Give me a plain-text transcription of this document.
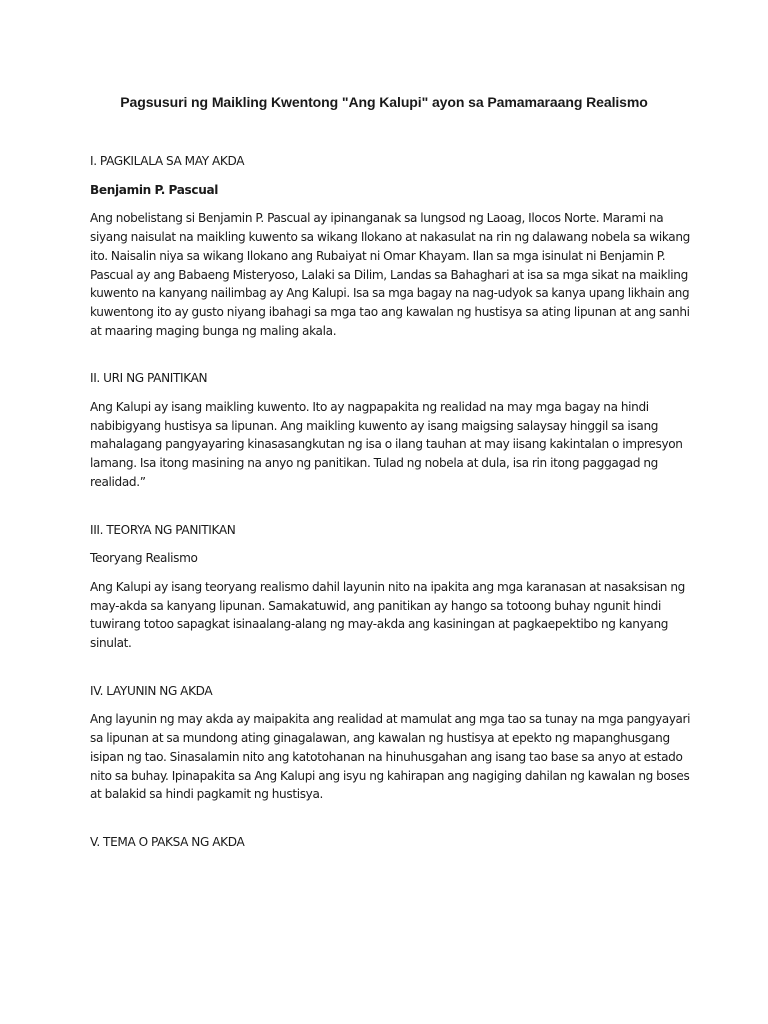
Pagsusuri ng Maikling Kwentong "Ang Kalupi" ayon sa Pamamaraang Realismo

I. PAGKILALA SA MAY AKDA

Benjamin P. Pascual

Ang nobelistang si Benjamin P. Pascual ay ipinanganak sa lungsod ng Laoag, Ilocos Norte. Marami na
siyang naisulat na maikling kuwento sa wikang Ilokano at nakasulat na rin ng dalawang nobela sa wikang
ito. Naisalin niya sa wikang Ilokano ang Rubaiyat ni Omar Khayam. Ilan sa mga isinulat ni Benjamin P.
Pascual ay ang Babaeng Misteryoso, Lalaki sa Dilim, Landas sa Bahaghari at isa sa mga sikat na maikling
kuwento na kanyang nailimbag ay Ang Kalupi. Isa sa mga bagay na nag-udyok sa kanya upang likhain ang
kuwentong ito ay gusto niyang ibahagi sa mga tao ang kawalan ng hustisya sa ating lipunan at ang sanhi
at maaring maging bunga ng maling akala.

II. URI NG PANITIKAN

Ang Kalupi ay isang maikling kuwento. Ito ay nagpapakita ng realidad na may mga bagay na hindi
nabibigyang hustisya sa lipunan. Ang maikling kuwento ay isang maigsing salaysay hinggil sa isang
mahalagang pangyayaring kinasasangkutan ng isa o ilang tauhan at may iisang kakintalan o impresyon
lamang. Isa itong masining na anyo ng panitikan. Tulad ng nobela at dula, isa rin itong paggagad ng
realidad.”

III. TEORYA NG PANITIKAN

Teoryang Realismo

Ang Kalupi ay isang teoryang realismo dahil layunin nito na ipakita ang mga karanasan at nasaksisan ng
may-akda sa kanyang lipunan. Samakatuwid, ang panitikan ay hango sa totoong buhay ngunit hindi
tuwirang totoo sapagkat isinaalang-alang ng may-akda ang kasiningan at pagkaepektibo ng kanyang
sinulat.

IV. LAYUNIN NG AKDA

Ang layunin ng may akda ay maipakita ang realidad at mamulat ang mga tao sa tunay na mga pangyayari
sa lipunan at sa mundong ating ginagalawan, ang kawalan ng hustisya at epekto ng mapanghusgang
isipan ng tao. Sinasalamin nito ang katotohanan na hinuhusgahan ang isang tao base sa anyo at estado
nito sa buhay. Ipinapakita sa Ang Kalupi ang isyu ng kahirapan ang nagiging dahilan ng kawalan ng boses
at balakid sa hindi pagkamit ng hustisya.

V. TEMA O PAKSA NG AKDA
